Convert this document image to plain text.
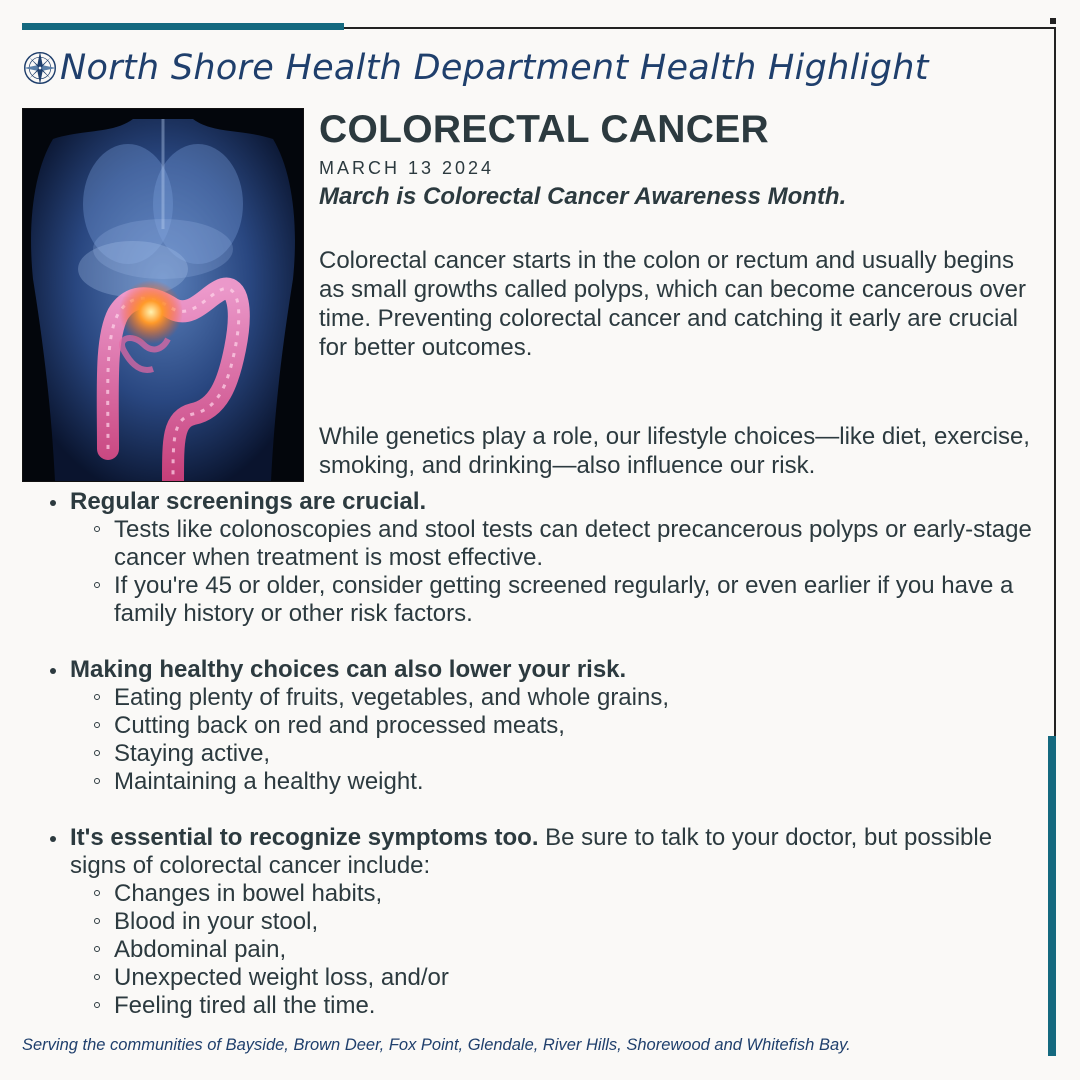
North Shore Health Department Health Highlight
COLORECTAL CANCER
MARCH 13 2024
March is Colorectal Cancer Awareness Month.

Colorectal cancer starts in the colon or rectum and usually begins as small growths called polyps, which can become cancerous over time. Preventing colorectal cancer and catching it early are crucial for better outcomes.

While genetics play a role, our lifestyle choices—like diet, exercise, smoking, and drinking—also influence our risk.

Regular screenings are crucial.
Tests like colonoscopies and stool tests can detect precancerous polyps or early-stage cancer when treatment is most effective.
If you're 45 or older, consider getting screened regularly, or even earlier if you have a family history or other risk factors.
Making healthy choices can also lower your risk.
Eating plenty of fruits, vegetables, and whole grains,
Cutting back on red and processed meats,
Staying active,
Maintaining a healthy weight.
It's essential to recognize symptoms too. Be sure to talk to your doctor, but possible signs of colorectal cancer include:
Changes in bowel habits,
Blood in your stool,
Abdominal pain,
Unexpected weight loss, and/or
Feeling tired all the time.
Serving the communities of Bayside, Brown Deer, Fox Point, Glendale, River Hills, Shorewood and Whitefish Bay.
